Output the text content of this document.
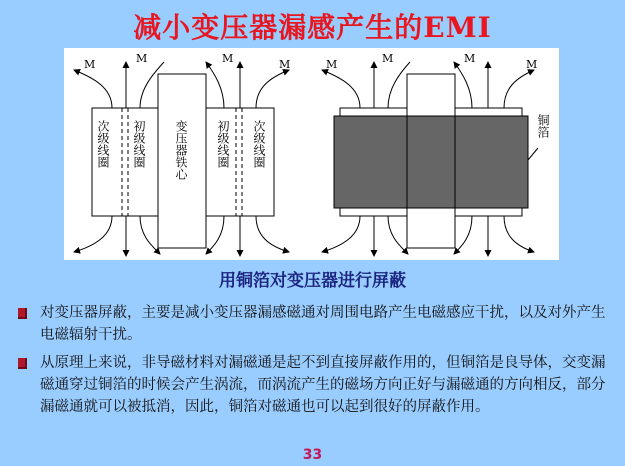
减小变压器漏感产生的EMI
M	M	M	M
次级线圈 初级线圈 变压器铁心 初级线圈 次级线圈
M	M	M	M
铜箔
用铜箔对变压器进行屏蔽
对变压器屏蔽，主要是减小变压器漏感磁通对周围电路产生电磁感应干扰，以及对外产生电磁辐射干扰。
从原理上来说，非导磁材料对漏磁通是起不到直接屏蔽作用的，但铜箔是良导体，交变漏磁通穿过铜箔的时候会产生涡流，而涡流产生的磁场方向正好与漏磁通的方向相反，部分漏磁通就可以被抵消，因此，铜箔对磁通也可以起到很好的屏蔽作用。
33
